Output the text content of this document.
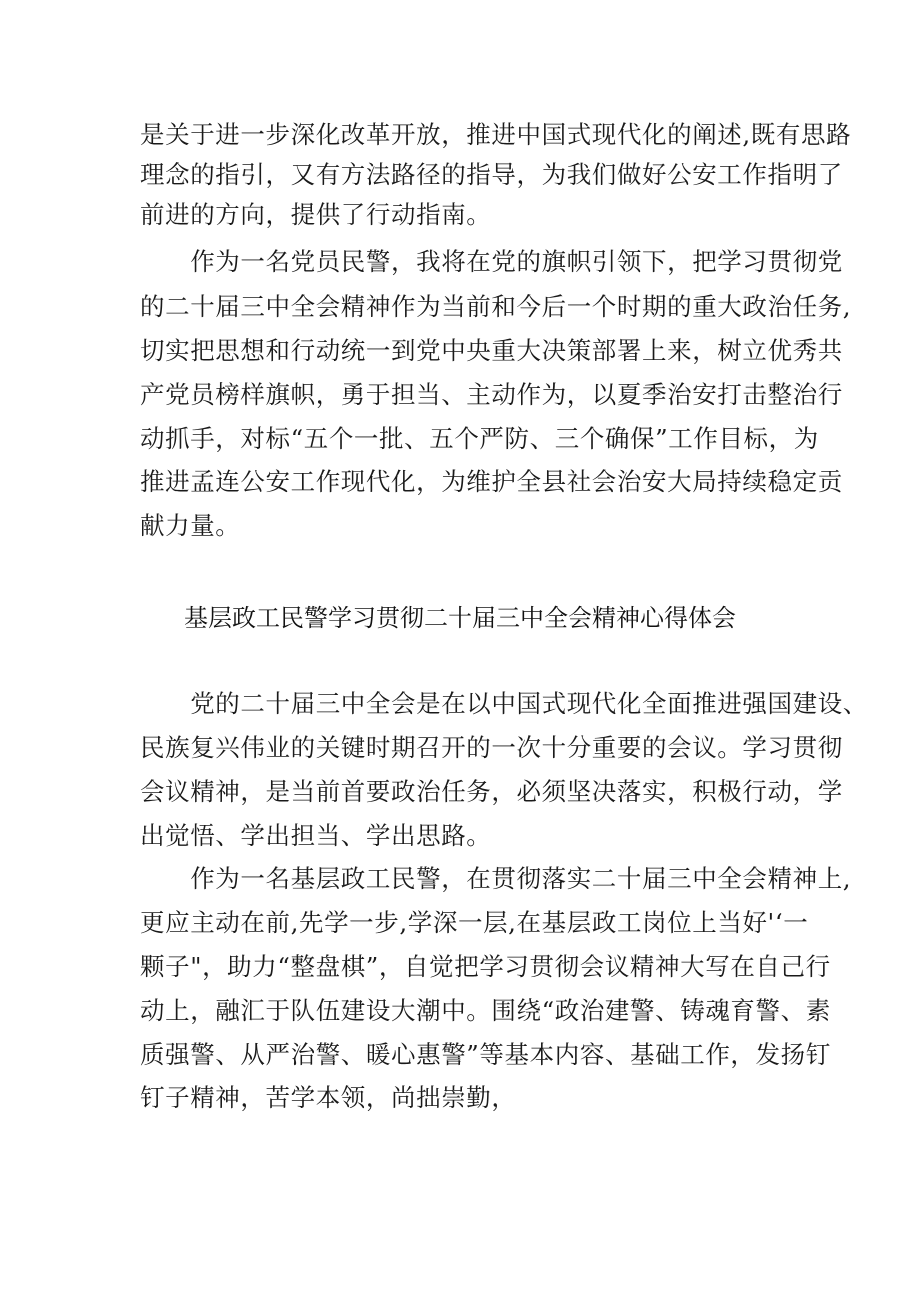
是关于进一步深化改革开放，推进中国式现代化的阐述,既有思路
理念的指引，又有方法路径的指导，为我们做好公安工作指明了
前进的方向，提供了行动指南。
　　作为一名党员民警，我将在党的旗帜引领下，把学习贯彻党
的二十届三中全会精神作为当前和今后一个时期的重大政治任务,
切实把思想和行动统一到党中央重大决策部署上来，树立优秀共
产党员榜样旗帜，勇于担当、主动作为，以夏季治安打击整治行
动抓手，对标“五个一批、五个严防、三个确保”工作目标，为
推进孟连公安工作现代化，为维护全县社会治安大局持续稳定贡
献力量。
基层政工民警学习贯彻二十届三中全会精神心得体会
　　党的二十届三中全会是在以中国式现代化全面推进强国建设、
民族复兴伟业的关键时期召开的一次十分重要的会议。学习贯彻
会议精神，是当前首要政治任务，必须坚决落实，积极行动，学
出觉悟、学出担当、学出思路。
　　作为一名基层政工民警，在贯彻落实二十届三中全会精神上,
更应主动在前,先学一步,学深一层,在基层政工岗位上当好'‘一
颗子"，助力“整盘棋”，自觉把学习贯彻会议精神大写在自己行
动上，融汇于队伍建设大潮中。围绕“政治建警、铸魂育警、素
质强警、从严治警、暖心惠警”等基本内容、基础工作，发扬钉
钉子精神，苦学本领，尚拙崇勤，
